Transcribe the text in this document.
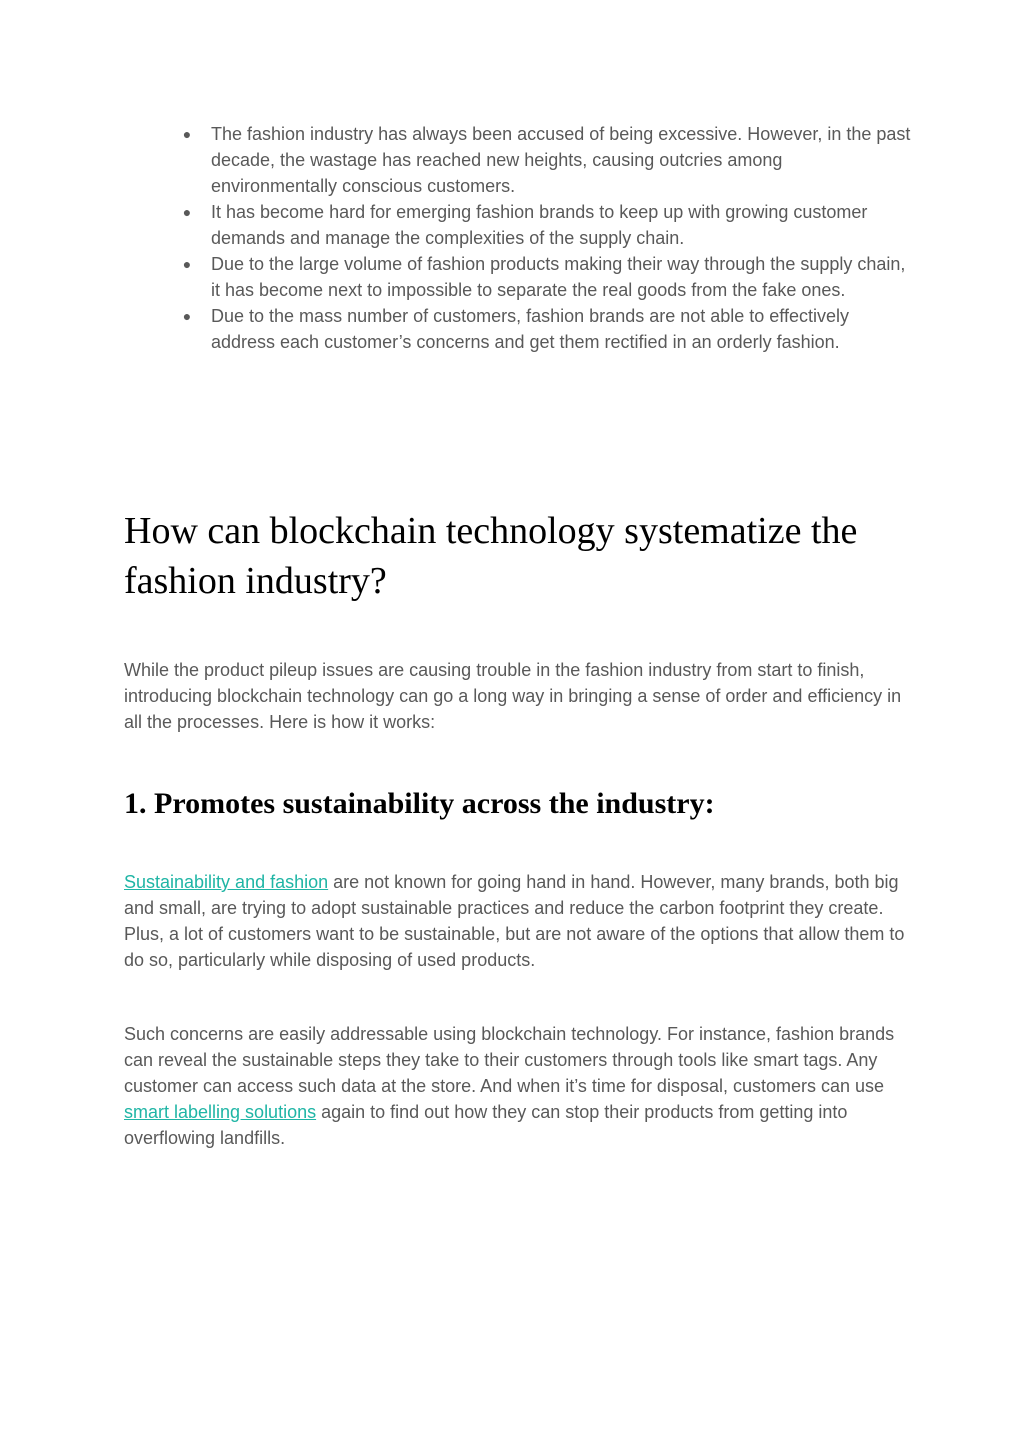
● The fashion industry has always been accused of being excessive. However, in the past decade, the wastage has reached new heights, causing outcries among environmentally conscious customers.
● It has become hard for emerging fashion brands to keep up with growing customer demands and manage the complexities of the supply chain.
● Due to the large volume of fashion products making their way through the supply chain, it has become next to impossible to separate the real goods from the fake ones.
● Due to the mass number of customers, fashion brands are not able to effectively address each customer’s concerns and get them rectified in an orderly fashion.
How can blockchain technology systematize the fashion industry?

While the product pileup issues are causing trouble in the fashion industry from start to finish, introducing blockchain technology can go a long way in bringing a sense of order and efficiency in all the processes. Here is how it works:

1. Promotes sustainability across the industry:

Sustainability and fashion are not known for going hand in hand. However, many brands, both big and small, are trying to adopt sustainable practices and reduce the carbon footprint they create. Plus, a lot of customers want to be sustainable, but are not aware of the options that allow them to do so, particularly while disposing of used products.

Such concerns are easily addressable using blockchain technology. For instance, fashion brands can reveal the sustainable steps they take to their customers through tools like smart tags. Any customer can access such data at the store. And when it’s time for disposal, customers can use smart labelling solutions again to find out how they can stop their products from getting into overflowing landfills.
